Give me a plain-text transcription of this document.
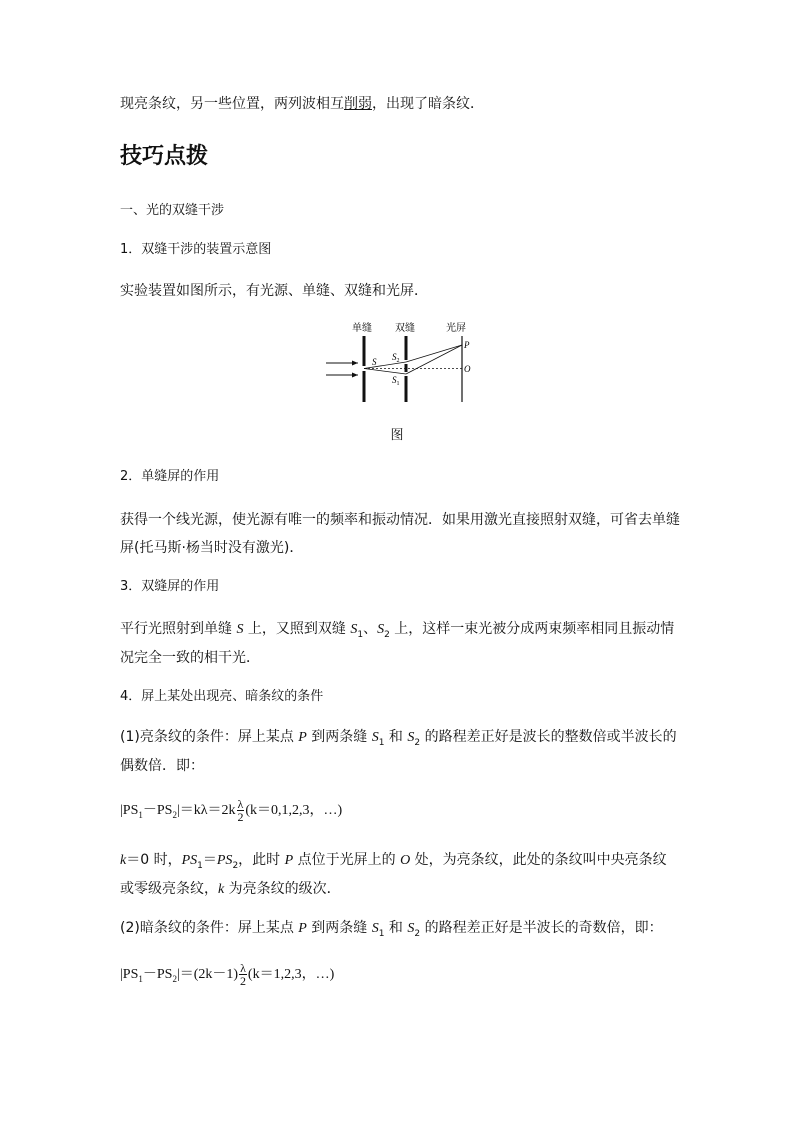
现亮条纹，另一些位置，两列波相互削弱，出现了暗条纹．
技巧点拨
一、光的双缝干涉
1．双缝干涉的装置示意图
实验装置如图所示，有光源、单缝、双缝和光屏．
单缝 双缝	光屏
S $S_2$
$S_1$
P
O
图
2．单缝屏的作用
获得一个线光源，使光源有唯一的频率和振动情况．如果用激光直接照射双缝，可省去单缝屏(托马斯·杨当时没有激光)．
3．双缝屏的作用
平行光照射到单缝 S 上，又照到双缝 $S_1$、$S_2$ 上，这样一束光被分成两束频率相同且振动情况完全一致的相干光．
4．屏上某处出现亮、暗条纹的条件
(1)亮条纹的条件：屏上某点 P 到两条缝 $S_1$ 和 $S_2$ 的路程差正好是波长的整数倍或半波长的偶数倍．即：
$|PS_1-PS_2|=k\lambda=2k \frac{\lambda}{2} (k=0,1,2,3$，…)
k＝0 时，$PS_1=PS_2$，此时 P 点位于光屏上的 O 处，为亮条纹，此处的条纹叫中央亮条纹或零级亮条纹，k 为亮条纹的级次．
(2)暗条纹的条件：屏上某点 P 到两条缝 $S_1$ 和 $S_2$ 的路程差正好是半波长的奇数倍，即：
$|PS_1-PS_2|=(2k-1) \frac{\lambda}{2} (k=1,2,3$，…)
